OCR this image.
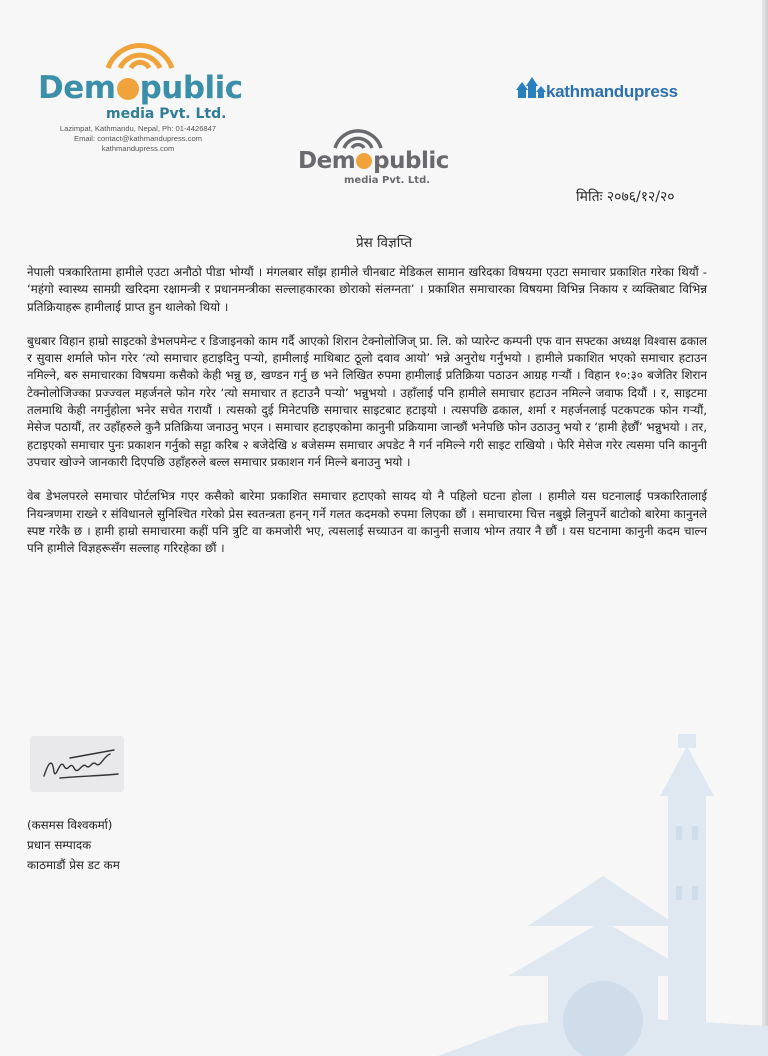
Dem public
media Pvt. Ltd.
Lazimpat, Kathmandu, Nepal, Ph: 01-4426847
Email: contact@kathmandupress.com
kathmandupress.com
kathmandupress
Dem public
media Pvt. Ltd.
मितिः २०७६/१२/२०
प्रेस विज्ञप्ति

नेपाली पत्रकारितामा हामीले एउटा अनौठो पीडा भोग्यौं । मंगलबार साँझ हामीले चीनबाट मेडिकल सामान खरिदका विषयमा एउटा समाचार प्रकाशित गरेका थियौं - ‘महंगो स्वास्थ्य सामग्री खरिदमा रक्षामन्त्री र प्रधानमन्त्रीका सल्लाहकारका छोराको संलग्नता’ । प्रकाशित समाचारका विषयमा विभिन्न निकाय र व्यक्तिबाट विभिन्न प्रतिक्रियाहरू हामीलाई प्राप्त हुन थालेको थियो ।

बुधबार विहान हाम्रो साइटको डेभलपमेन्ट र डिजाइनको काम गर्दै आएको शिरान टेक्नोलोजिज् प्रा. लि. को प्यारेन्ट कम्पनी एफ वान सफ्टका अध्यक्ष विश्वास ढकाल र सुवास शर्माले फोन गरेर ‘त्यो समाचार हटाइदिनु पर्‍यो, हामीलाई माथिबाट ठूलो दवाव आयो’ भन्ने अनुरोध गर्नुभयो । हामीले प्रकाशित भएको समाचार हटाउन नमिल्ने, बरु समाचारका विषयमा कसैको केही भन्नु छ, खण्डन गर्नु छ भने लिखित रुपमा हामीलाई प्रतिक्रिया पठाउन आग्रह गर्‍यौं । विहान १०:३० बजेतिर शिरान टेक्नोलोजिज्का प्रज्ज्वल महर्जनले फोन गरेर ‘त्यो समाचार त हटाउनै पर्‍यो’ भन्नुभयो । उहाँलाई पनि हामीले समाचार हटाउन नमिल्ने जवाफ दियौं । र, साइटमा तलमाथि केही नगर्नुहोला भनेर सचेत गरायौं । त्यसको दुई मिनेटपछि समाचार साइटबाट हटाइयो । त्यसपछि ढकाल, शर्मा र महर्जनलाई पटकपटक फोन गर्‍यौं, मेसेज पठायौं, तर उहाँहरुले कुनै प्रतिक्रिया जनाउनु भएन । समाचार हटाइएकोमा कानुनी प्रक्रियामा जान्छौं भनेपछि फोन उठाउनु भयो र ‘हामी हेर्छौं’ भन्नुभयो । तर, हटाइएको समाचार पुनः प्रकाशन गर्नुको सट्टा करिब २ बजेदेखि ४ बजेसम्म समाचार अपडेट नै गर्न नमिल्ने गरी साइट राखियो । फेरि मेसेज गरेर त्यसमा पनि कानुनी उपचार खोज्ने जानकारी दिएपछि उहाँहरुले बल्ल समाचार प्रकाशन गर्न मिल्ने बनाउनु भयो ।

वेब डेभलपरले समाचार पोर्टलभित्र गएर कसैको बारेमा प्रकाशित समाचार हटाएको सायद यो नै पहिलो घटना होला । हामीले यस घटनालाई पत्रकारितालाई नियन्त्रणमा राख्ने र संविधानले सुनिश्चित गरेको प्रेस स्वतन्त्रता हनन् गर्ने गलत कदमको रुपमा लिएका छौं । समाचारमा चित्त नबुझे लिनुपर्ने बाटोको बारेमा कानुनले स्पष्ट गरेकै छ । हामी हाम्रो समाचारमा कहीं पनि त्रुटि वा कमजोरी भए, त्यसलाई सच्याउन वा कानुनी सजाय भोग्न तयार नै छौं । यस घटनामा कानुनी कदम चाल्न पनि हामीले विज्ञहरूसँग सल्लाह गरिरहेका छौं ।

(कसमस विश्वकर्मा)
प्रधान सम्पादक
काठमाडौं प्रेस डट कम
